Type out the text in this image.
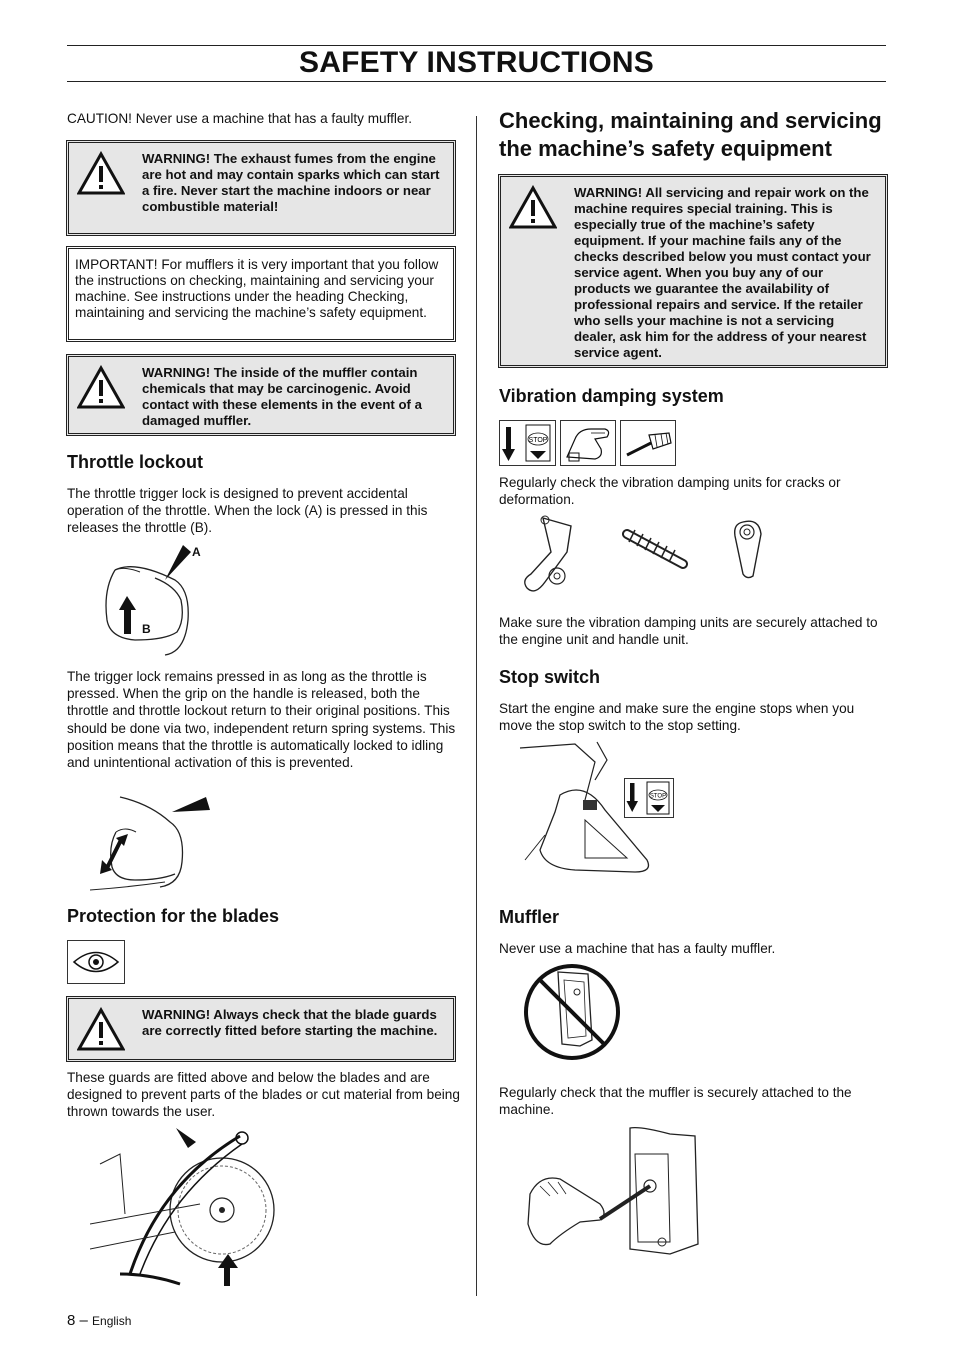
SAFETY INSTRUCTIONS
CAUTION! Never use a machine that has a faulty muffler.
WARNING! The exhaust fumes from the engine are hot and may contain sparks which can start a fire. Never start the machine indoors or near combustible material!
IMPORTANT! For mufflers it is very important that you follow the instructions on checking, maintaining and servicing your machine. See instructions under the heading Checking, maintaining and servicing the machine’s safety equipment.
WARNING! The inside of the muffler contain chemicals that may be carcinogenic. Avoid contact with these elements in the event of a damaged muffler.
Throttle lockout
The throttle trigger lock is designed to prevent accidental operation of the throttle. When the lock (A) is pressed in this releases the throttle (B).
A
B
The trigger lock remains pressed in as long as the throttle is pressed. When the grip on the handle is released, both the throttle and throttle lockout return to their original positions. This should be done via two, independent return spring systems. This position means that the throttle is automatically locked to idling and unintentional activation of this is prevented.
Protection for the blades
WARNING! Always check that the blade guards are correctly fitted before starting the machine.
These guards are fitted above and below the blades and are designed to prevent parts of the blades or cut material from being thrown towards the user.
Checking, maintaining and servicing the machine’s safety equipment
WARNING! All servicing and repair work on the machine requires special training. This is especially true of the machine’s safety equipment. If your machine fails any of the checks described below you must contact your service agent. When you buy any of our products we guarantee the availability of professional repairs and service. If the retailer who sells your machine is not a servicing dealer, ask him for the address of your nearest service agent.
Vibration damping system
STOP
Regularly check the vibration damping units for cracks or deformation.
Make sure the vibration damping units are securely attached to the engine unit and handle unit.
Stop switch
Start the engine and make sure the engine stops when you move the stop switch to the stop setting.
STOP
Muffler
Never use a machine that has a faulty muffler.
Regularly check that the muffler is securely attached to the machine.
8 – English
